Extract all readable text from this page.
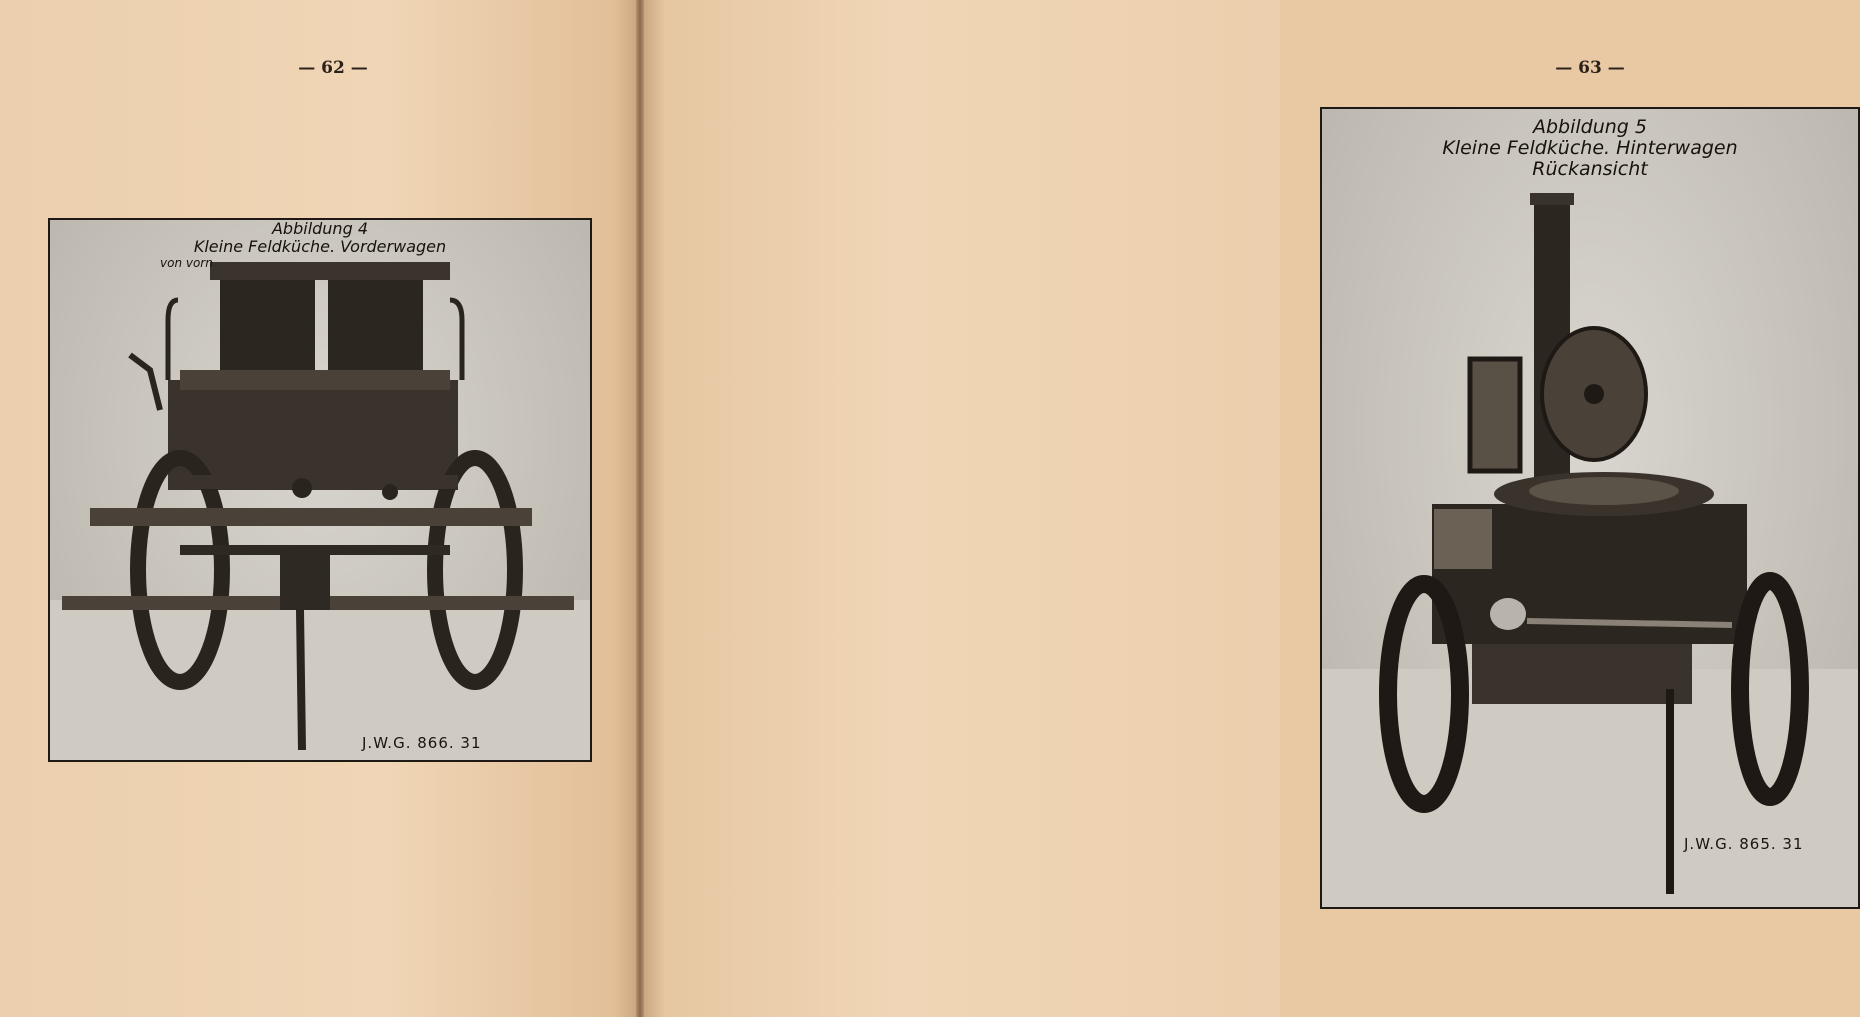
— 62 —
Abbildung 4
Kleine Feldküche. Vorderwagen
von vorn
J.W.G. 866. 31
— 63 —
Abbildung 5
Kleine Feldküche. Hinterwagen
Rückansicht
J.W.G. 865. 31
